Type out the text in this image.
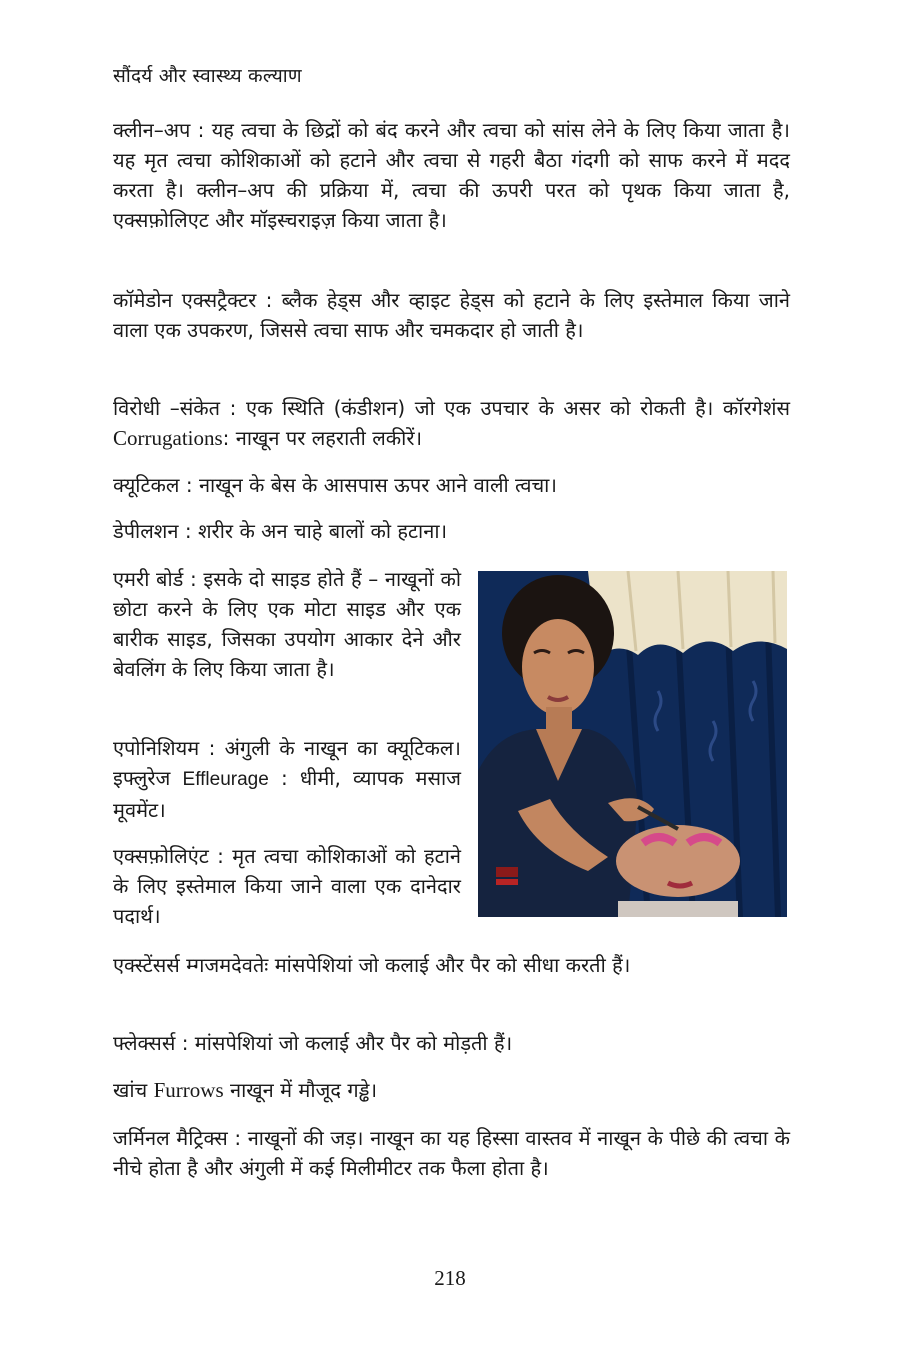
सौंदर्य और स्वास्थ्य कल्याण

क्लीन–अप : यह त्वचा के छिद्रों को बंद करने और त्वचा को सांस लेने के लिए किया जाता है। यह मृत त्वचा कोशिकाओं को हटाने और त्वचा से गहरी बैठा गंदगी को साफ करने में मदद करता है। क्लीन–अप की प्रक्रिया में, त्वचा की ऊपरी परत को पृथक किया जाता है, एक्सफ़ोलिएट और मॉइस्चराइज़ किया जाता है।

कॉमेडोन एक्सट्रैक्टर : ब्लैक हेड्स और व्हाइट हेड्स को हटाने के लिए इस्तेमाल किया जाने वाला एक उपकरण, जिससे त्वचा साफ और चमकदार हो जाती है।

विरोधी –संकेत : एक स्थिति (कंडीशन) जो एक उपचार के असर को रोकती है। कॉरगेशंस Corrugations: नाखून पर लहराती लकीरें।

क्यूटिकल : नाखून के बेस के आसपास ऊपर आने वाली त्वचा।

डेपीलशन : शरीर के अन चाहे बालों को हटाना।

एमरी बोर्ड : इसके दो साइड होते हैं – नाखूनों को छोटा करने के लिए एक मोटा साइड और एक बारीक साइड, जिसका उपयोग आकार देने और बेवलिंग के लिए किया जाता है।

एपोनिशियम : अंगुली के नाखून का क्यूटिकल। इफ्लुरेज Effleurage : धीमी, व्यापक मसाज मूवमेंट।

एक्सफ़ोलिएंट : मृत त्वचा कोशिकाओं को हटाने के लिए इस्तेमाल किया जाने वाला एक दानेदार पदार्थ।

एक्स्टेंसर्स म्गजमदेवतेः मांसपेशियां जो कलाई और पैर को सीधा करती हैं।

फ्लेक्सर्स : मांसपेशियां जो कलाई और पैर को मोड़ती हैं।

खांच Furrows नाखून में मौजूद गड्ढे।

जर्मिनल मैट्रिक्स : नाखूनों की जड़। नाखून का यह हिस्सा वास्तव में नाखून के पीछे की त्वचा के नीचे होता है और अंगुली में कई मिलीमीटर तक फैला होता है।

218
